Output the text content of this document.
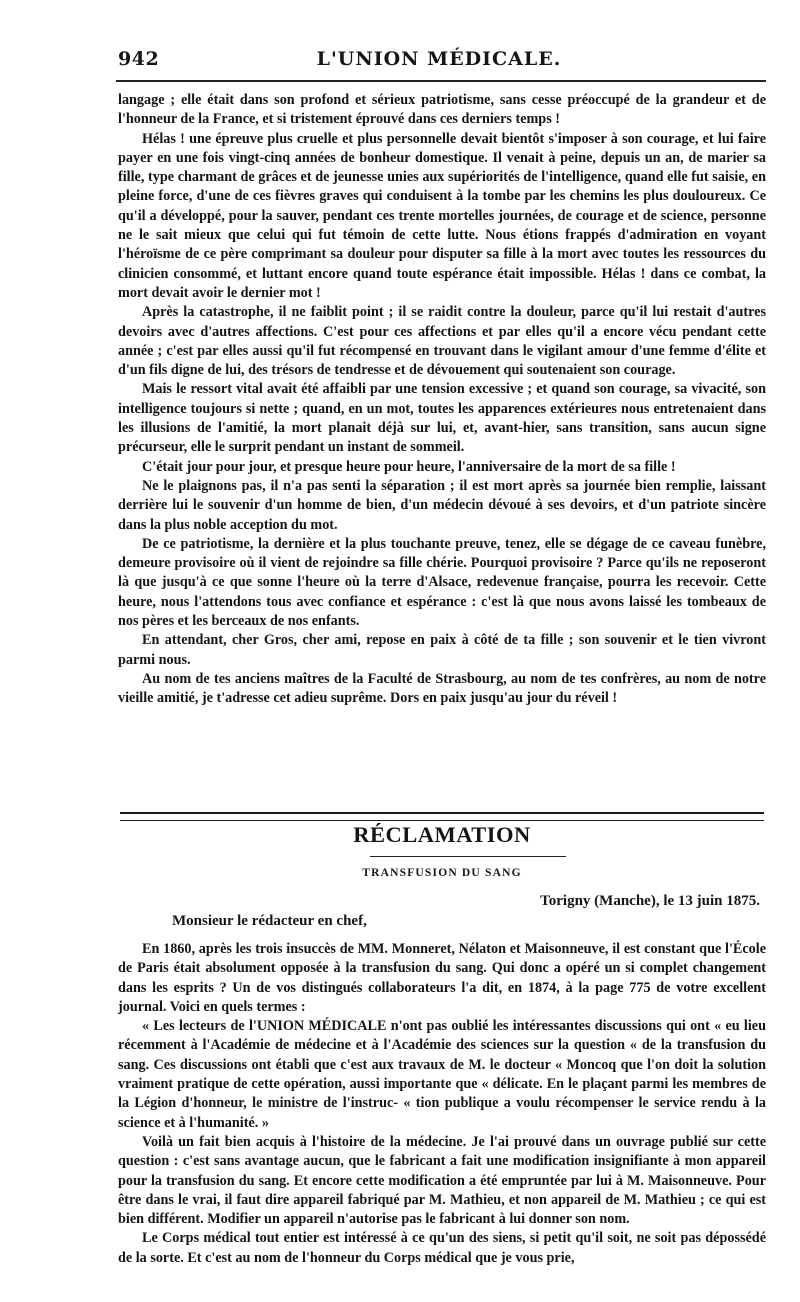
942	L'UNION MÉDICALE.

langage ; elle était dans son profond et sérieux patriotisme, sans cesse préoccupé de la grandeur et de l'honneur de la France, et si tristement éprouvé dans ces derniers temps !

Hélas ! une épreuve plus cruelle et plus personnelle devait bientôt s'imposer à son courage, et lui faire payer en une fois vingt-cinq années de bonheur domestique. Il venait à peine, depuis un an, de marier sa fille, type charmant de grâces et de jeunesse unies aux supériorités de l'intelligence, quand elle fut saisie, en pleine force, d'une de ces fièvres graves qui conduisent à la tombe par les chemins les plus douloureux. Ce qu'il a développé, pour la sauver, pendant ces trente mortelles journées, de courage et de science, personne ne le sait mieux que celui qui fut témoin de cette lutte. Nous étions frappés d'admiration en voyant l'héroïsme de ce père comprimant sa douleur pour disputer sa fille à la mort avec toutes les ressources du clinicien consommé, et luttant encore quand toute espérance était impossible. Hélas ! dans ce combat, la mort devait avoir le dernier mot !

Après la catastrophe, il ne faiblit point ; il se raidit contre la douleur, parce qu'il lui restait d'autres devoirs avec d'autres affections. C'est pour ces affections et par elles qu'il a encore vécu pendant cette année ; c'est par elles aussi qu'il fut récompensé en trouvant dans le vigilant amour d'une femme d'élite et d'un fils digne de lui, des trésors de tendresse et de dévouement qui soutenaient son courage.

Mais le ressort vital avait été affaibli par une tension excessive ; et quand son courage, sa vivacité, son intelligence toujours si nette ; quand, en un mot, toutes les apparences extérieures nous entretenaient dans les illusions de l'amitié, la mort planait déjà sur lui, et, avant-hier, sans transition, sans aucun signe précurseur, elle le surprit pendant un instant de sommeil.

C'était jour pour jour, et presque heure pour heure, l'anniversaire de la mort de sa fille !

Ne le plaignons pas, il n'a pas senti la séparation ; il est mort après sa journée bien remplie, laissant derrière lui le souvenir d'un homme de bien, d'un médecin dévoué à ses devoirs, et d'un patriote sincère dans la plus noble acception du mot.

De ce patriotisme, la dernière et la plus touchante preuve, tenez, elle se dégage de ce caveau funèbre, demeure provisoire où il vient de rejoindre sa fille chérie. Pourquoi provisoire ? Parce qu'ils ne reposeront là que jusqu'à ce que sonne l'heure où la terre d'Alsace, redevenue française, pourra les recevoir. Cette heure, nous l'attendons tous avec confiance et espérance : c'est là que nous avons laissé les tombeaux de nos pères et les berceaux de nos enfants.

En attendant, cher Gros, cher ami, repose en paix à côté de ta fille ; son souvenir et le tien vivront parmi nous.

Au nom de tes anciens maîtres de la Faculté de Strasbourg, au nom de tes confrères, au nom de notre vieille amitié, je t'adresse cet adieu suprême. Dors en paix jusqu'au jour du réveil !

RÉCLAMATION
TRANSFUSION DU SANG
Torigny (Manche), le 13 juin 1875.
Monsieur le rédacteur en chef,

En 1860, après les trois insuccès de MM. Monneret, Nélaton et Maisonneuve, il est constant que l'École de Paris était absolument opposée à la transfusion du sang. Qui donc a opéré un si complet changement dans les esprits ? Un de vos distingués collaborateurs l'a dit, en 1874, à la page 775 de votre excellent journal. Voici en quels termes :

« Les lecteurs de l'UNION MÉDICALE n'ont pas oublié les intéressantes discussions qui ont « eu lieu récemment à l'Académie de médecine et à l'Académie des sciences sur la question « de la transfusion du sang. Ces discussions ont établi que c'est aux travaux de M. le docteur « Moncoq que l'on doit la solution vraiment pratique de cette opération, aussi importante que « délicate. En le plaçant parmi les membres de la Légion d'honneur, le ministre de l'instruc- « tion publique a voulu récompenser le service rendu à la science et à l'humanité. »

Voilà un fait bien acquis à l'histoire de la médecine. Je l'ai prouvé dans un ouvrage publié sur cette question : c'est sans avantage aucun, que le fabricant a fait une modification insignifiante à mon appareil pour la transfusion du sang. Et encore cette modification a été empruntée par lui à M. Maisonneuve. Pour être dans le vrai, il faut dire appareil fabriqué par M. Mathieu, et non appareil de M. Mathieu ; ce qui est bien différent. Modifier un appareil n'autorise pas le fabricant à lui donner son nom.

Le Corps médical tout entier est intéressé à ce qu'un des siens, si petit qu'il soit, ne soit pas dépossédé de la sorte. Et c'est au nom de l'honneur du Corps médical que je vous prie,
